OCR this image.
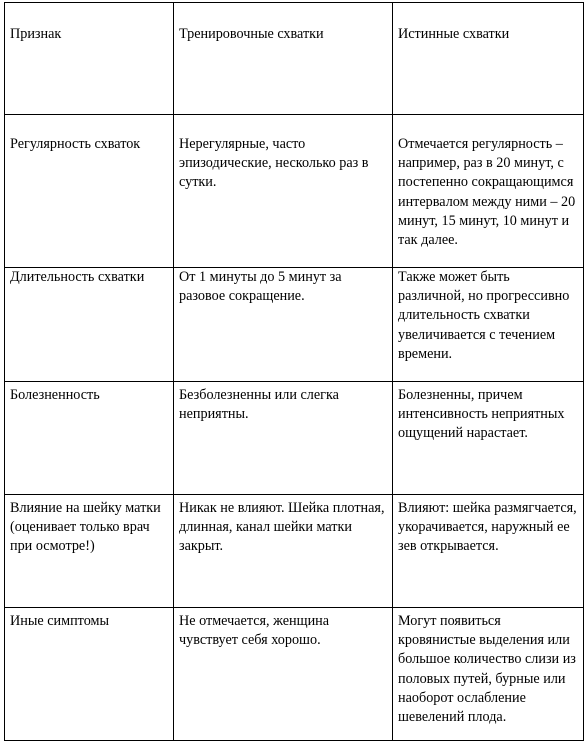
Признак	Тренировочные схватки	Истинные схватки
Регулярность схваток	Нерегулярные, часто эпизодические, несколько раз в сутки.	Отмечается регулярность – например, раз в 20 минут, с постепенно сокращающимся интервалом между ними – 20 минут, 15 минут, 10 минут и так далее.
Длительность схватки	От 1 минуты до 5 минут за разовое сокращение.	Также может быть различной, но прогрессивно длительность схватки увеличивается с течением времени.
Болезненность	Безболезненны или слегка неприятны.	Болезненны, причем интенсивность неприятных ощущений нарастает.
Влияние на шейку матки (оценивает только врач при осмотре!)	Никак не влияют. Шейка плотная, длинная, канал шейки матки закрыт.	Влияют: шейка размягчается, укорачивается, наружный ее зев открывается.
Иные симптомы	Не отмечается, женщина чувствует себя хорошо.	Могут появиться кровянистые выделения или большое количество слизи из половых путей, бурные или наоборот ослабление шевелений плода.
